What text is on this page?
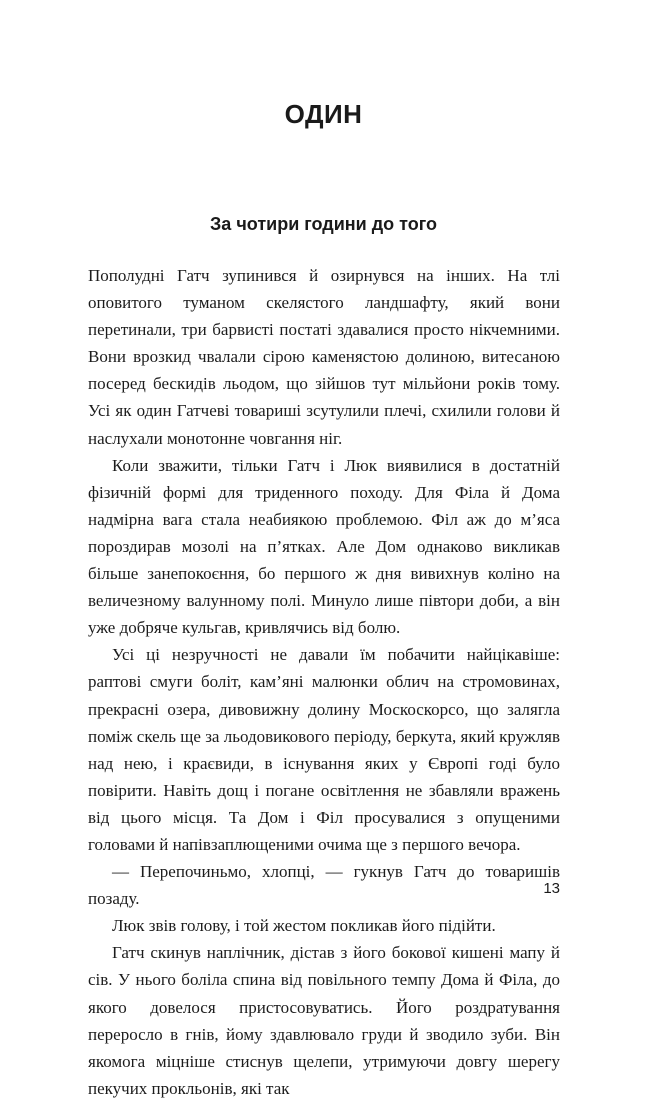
ОДИН
За чотири години до того

Пополудні Гатч зупинився й озирнувся на інших. На тлі оповитого туманом скелястого ландшафту, який вони перетинали, три барвисті постаті здавалися просто нікчемними. Вони врозкид чвалали сірою каменястою долиною, витесаною посеред бескидів льодом, що зійшов тут мільйони років тому. Усі як один Гатчеві товариші зсутулили плечі, схилили голови й наслухали монотонне човгання ніг.

Коли зважити, тільки Гатч і Люк виявилися в достатній фізичній формі для триденного походу. Для Філа й Дома надмірна вага стала неабиякою проблемою. Філ аж до м’яса пороздирав мозолі на п’ятках. Але Дом однаково викликав більше занепокоєння, бо першого ж дня вивихнув коліно на величезному валунному полі. Минуло лише півтори доби, а він уже добряче кульгав, кривлячись від болю.

Усі ці незручності не давали їм побачити найцікавіше: раптові смуги боліт, кам’яні малюнки облич на стромовинах, прекрасні озера, дивовижну долину Москоскорсо, що залягла поміж скель ще за льодовикового періоду, беркута, який кружляв над нею, і краєвиди, в існування яких у Європі годі було повірити. Навіть дощ і погане освітлення не збавляли вражень від цього місця. Та Дом і Філ просувалися з опущеними головами й напівзаплющеними очима ще з першого вечора.

— Перепочиньмо, хлопці, — гукнув Гатч до товаришів позаду.

Люк звів голову, і той жестом покликав його підійти.

Гатч скинув наплічник, дістав з його бокової кишені мапу й сів. У нього боліла спина від повільного темпу Дома й Філа, до якого довелося пристосовуватись. Його роздратування переросло в гнів, йому здавлювало груди й зводило зуби. Він якомога міцніше стиснув щелепи, утримуючи довгу шерегу пекучих прокльонів, які так

13
